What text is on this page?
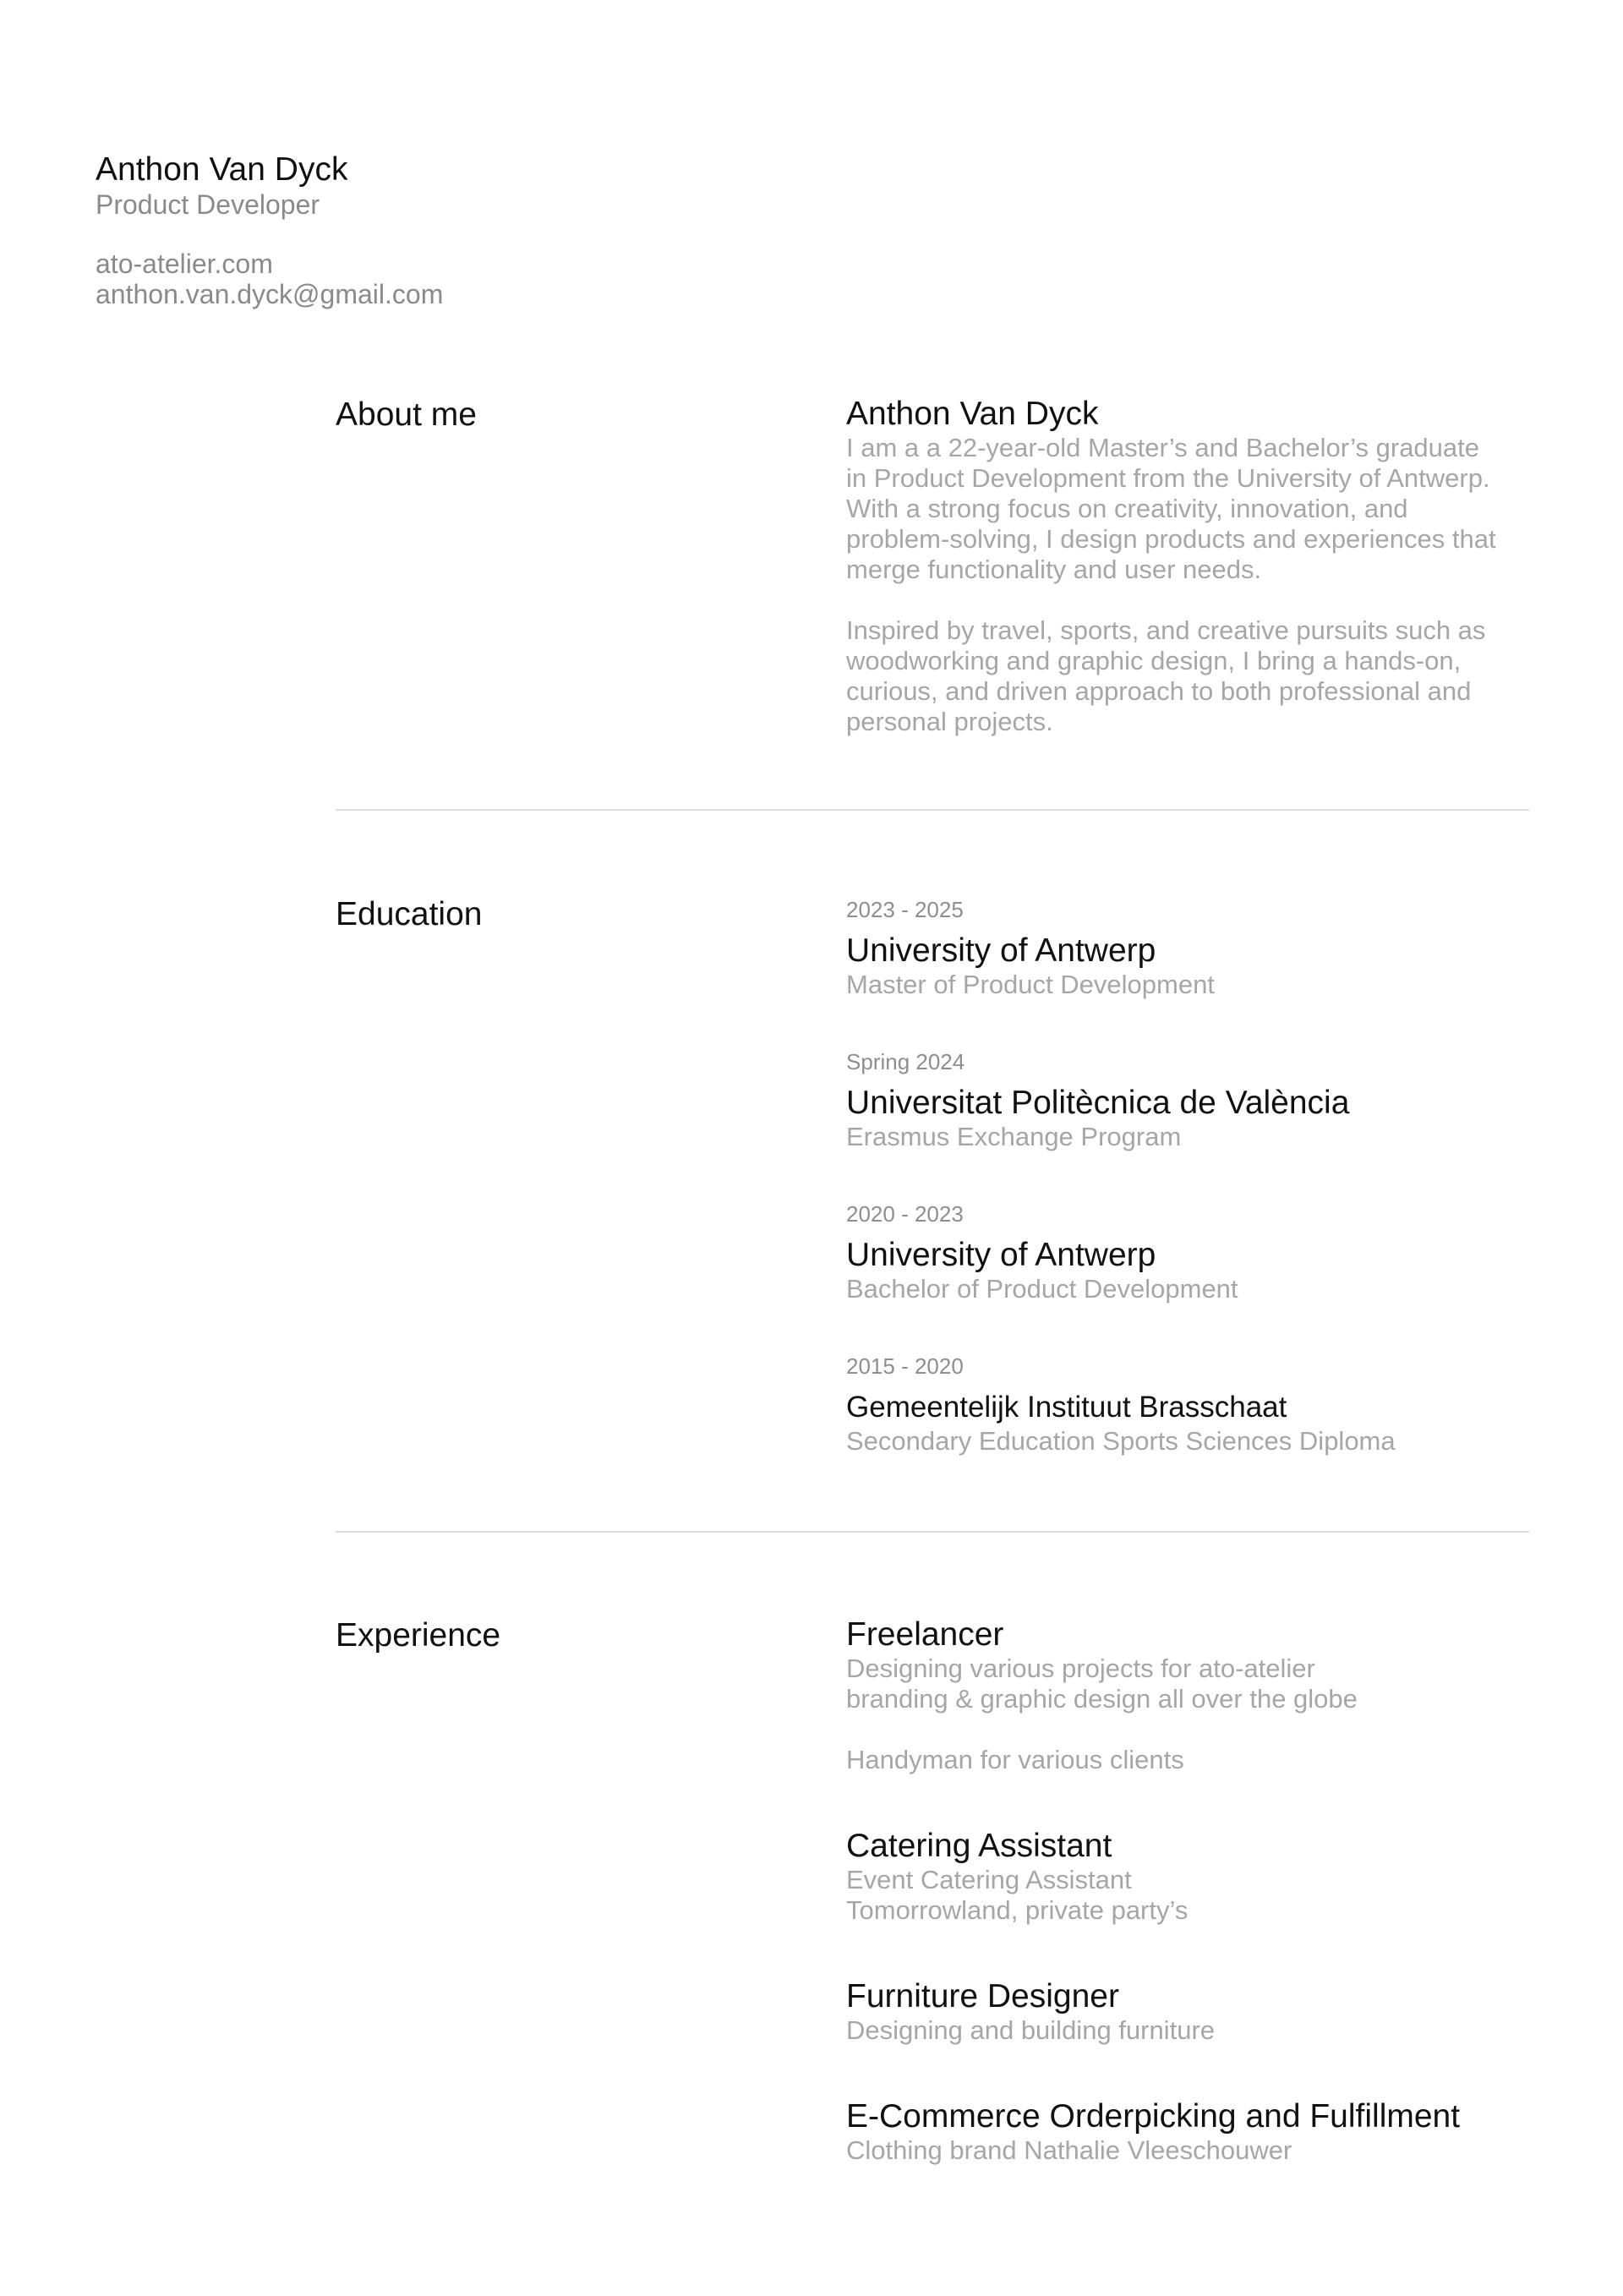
Anthon Van Dyck
Product Developer
ato-atelier.com
anthon.van.dyck@gmail.com
About me	Anthon Van Dyck
I am a a 22-year-old Master’s and Bachelor’s graduate
in Product Development from the University of Antwerp.
With a strong focus on creativity, innovation, and
problem-solving, I design products and experiences that
merge functionality and user needs.
Inspired by travel, sports, and creative pursuits such as
woodworking and graphic design, I bring a hands-on,
curious, and driven approach to both professional and
personal projects.
Education	2023 - 2025
University of Antwerp
Master of Product Development
Spring 2024
Universitat Politècnica de València
Erasmus Exchange Program
2020 - 2023
University of Antwerp
Bachelor of Product Development
2015 - 2020
Gemeentelijk Instituut Brasschaat
Secondary Education Sports Sciences Diploma
Experience	Freelancer
Designing various projects for ato-atelier
branding & graphic design all over the globe
Handyman for various clients
Catering Assistant
Event Catering Assistant
Tomorrowland, private party’s
Furniture Designer
Designing and building furniture
E-Commerce Orderpicking and Fulfillment
Clothing brand Nathalie Vleeschouwer
